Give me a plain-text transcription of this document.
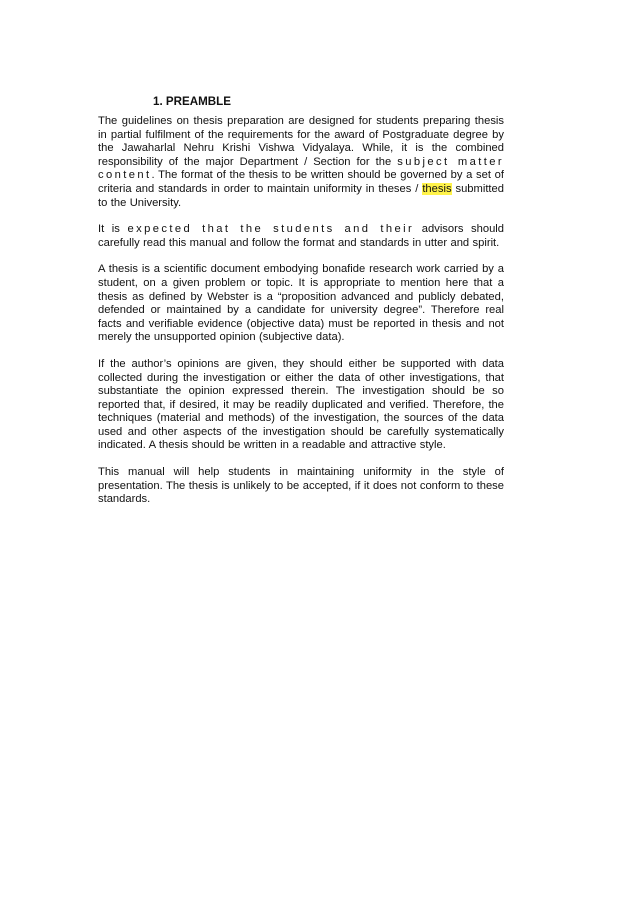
1. PREAMBLE

The guidelines on thesis preparation are designed for students preparing thesis in partial fulfilment of the requirements for the award of Postgraduate degree by the Jawaharlal Nehru Krishi Vishwa Vidyalaya. While, it is the combined responsibility of the major Department / Section for the subject matter content. The format of the thesis to be written should be governed by a set of criteria and standards in order to maintain uniformity in theses / thesis submitted to the University.

It is expected that the students and their advisors should carefully read this manual and follow the format and standards in utter and spirit.

A thesis is a scientific document embodying bonafide research work carried by a student, on a given problem or topic. It is appropriate to mention here that a thesis as defined by Webster is a “proposition advanced and publicly debated, defended or maintained by a candidate for university degree”. Therefore real facts and verifiable evidence (objective data) must be reported in thesis and not merely the unsupported opinion (subjective data).

If the author’s opinions are given, they should either be supported with data collected during the investigation or either the data of other investigations, that substantiate the opinion expressed therein. The investigation should be so reported that, if desired, it may be readily duplicated and verified. Therefore, the techniques (material and methods) of the investigation, the sources of the data used and other aspects of the investigation should be carefully systematically indicated. A thesis should be written in a readable and attractive style.

This manual will help students in maintaining uniformity in the style of presentation. The thesis is unlikely to be accepted, if it does not conform to these standards.
